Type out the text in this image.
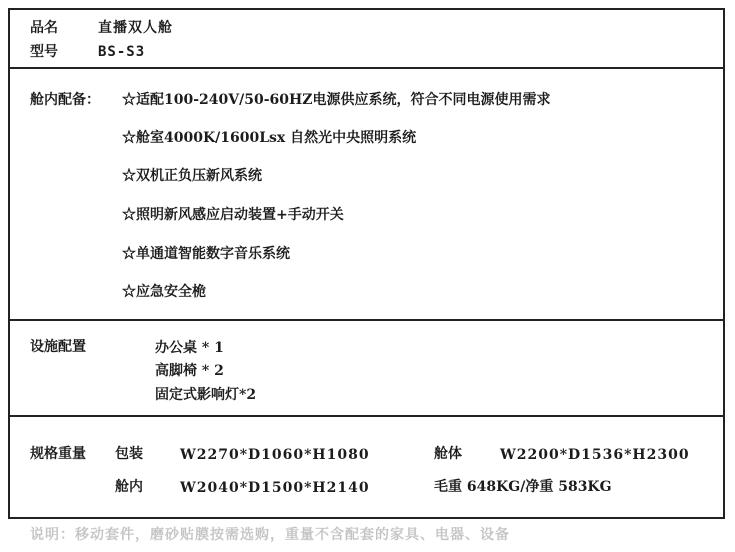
品名	直播双人舱
型号	BS-S3
舱内配备： ☆适配100-240V/50-60HZ电源供应系统，符合不同电源使用需求
☆舱室4000K/1600Lsx 自然光中央照明系统
☆双机正负压新风系统
☆照明新风感应启动装置+手动开关
☆单通道智能数字音乐系统
☆应急安全桅
设施配置	办公桌 * 1
高脚椅 * 2
固定式影响灯*2
规格重量 包装	W2270*D1060*H1080	舱体	W2200*D1536*H2300
舱内	W2040*D1500*H2140	毛重 648KG/净重 583KG
说明：移动套件，磨砂贴膜按需选购，重量不含配套的家具、电器、设备
